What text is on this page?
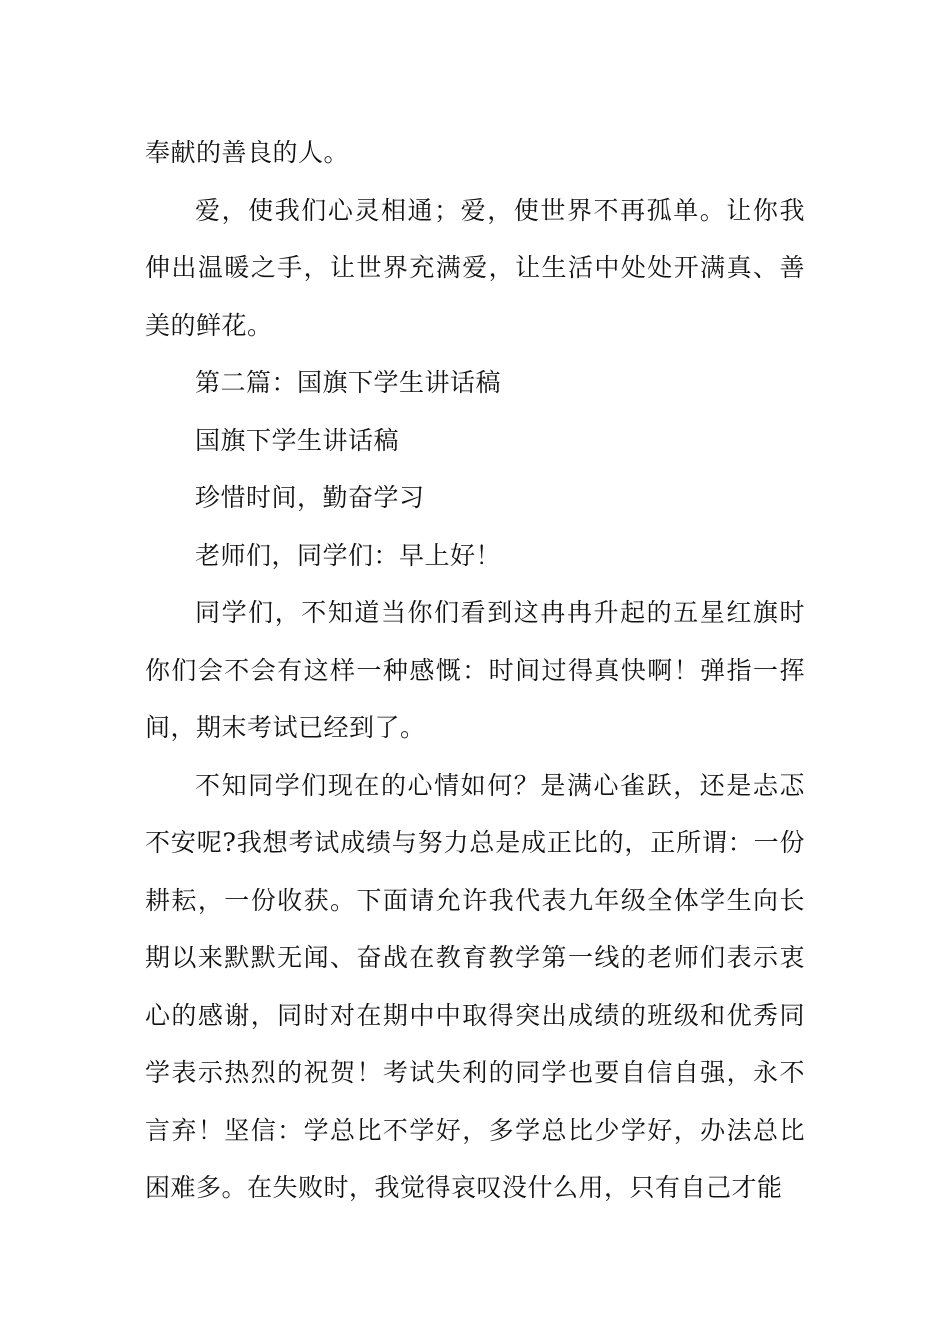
奉献的善良的人。

爱，使我们心灵相通；爱，使世界不再孤单。让你我伸出温暖之手，让世界充满爱，让生活中处处开满真、善美的鲜花。

第二篇：国旗下学生讲话稿

国旗下学生讲话稿

珍惜时间，勤奋学习

老师们，同学们：早上好！

同学们，不知道当你们看到这冉冉升起的五星红旗时你们会不会有这样一种感慨：时间过得真快啊！弹指一挥间，期末考试已经到了。

不知同学们现在的心情如何？是满心雀跃，还是忐忑不安呢?我想考试成绩与努力总是成正比的，正所谓：一份耕耘，一份收获。下面请允许我代表九年级全体学生向长期以来默默无闻、奋战在教育教学第一线的老师们表示衷心的感谢，同时对在期中中取得突出成绩的班级和优秀同学表示热烈的祝贺！考试失利的同学也要自信自强，永不言弃！坚信：学总比不学好，多学总比少学好，办法总比困难多。在失败时，我觉得哀叹没什么用，只有自己才能
